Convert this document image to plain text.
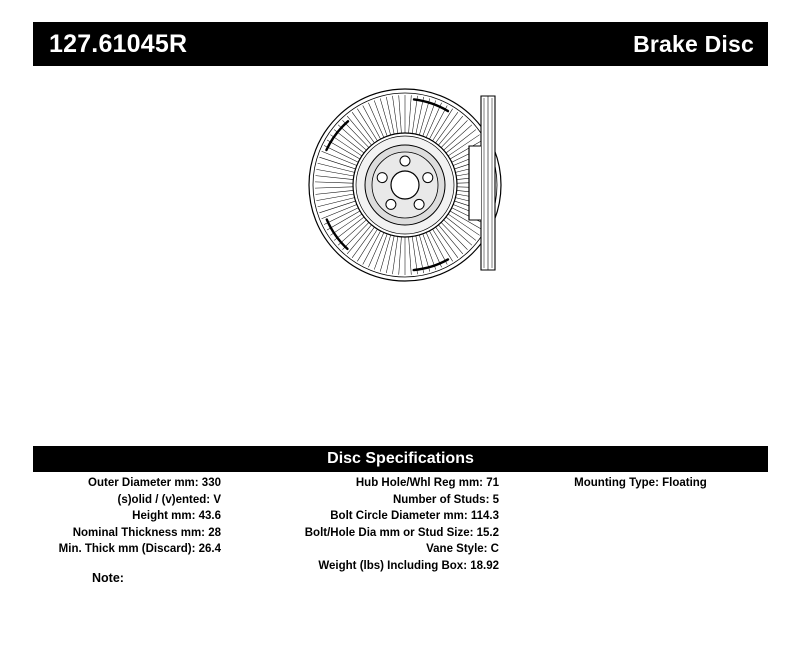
127.61045R	Brake Disc
Disc Specifications
Outer Diameter mm: 330
(s)olid / (v)ented: V
Height mm: 43.6
Nominal Thickness mm: 28
Min. Thick mm (Discard): 26.4
Hub Hole/Whl Reg mm: 71
Number of Studs: 5
Bolt Circle Diameter mm: 114.3
Bolt/Hole Dia mm or Stud Size: 15.2
Vane Style: C
Weight (lbs) Including Box: 18.92
Mounting Type: Floating
Note:
